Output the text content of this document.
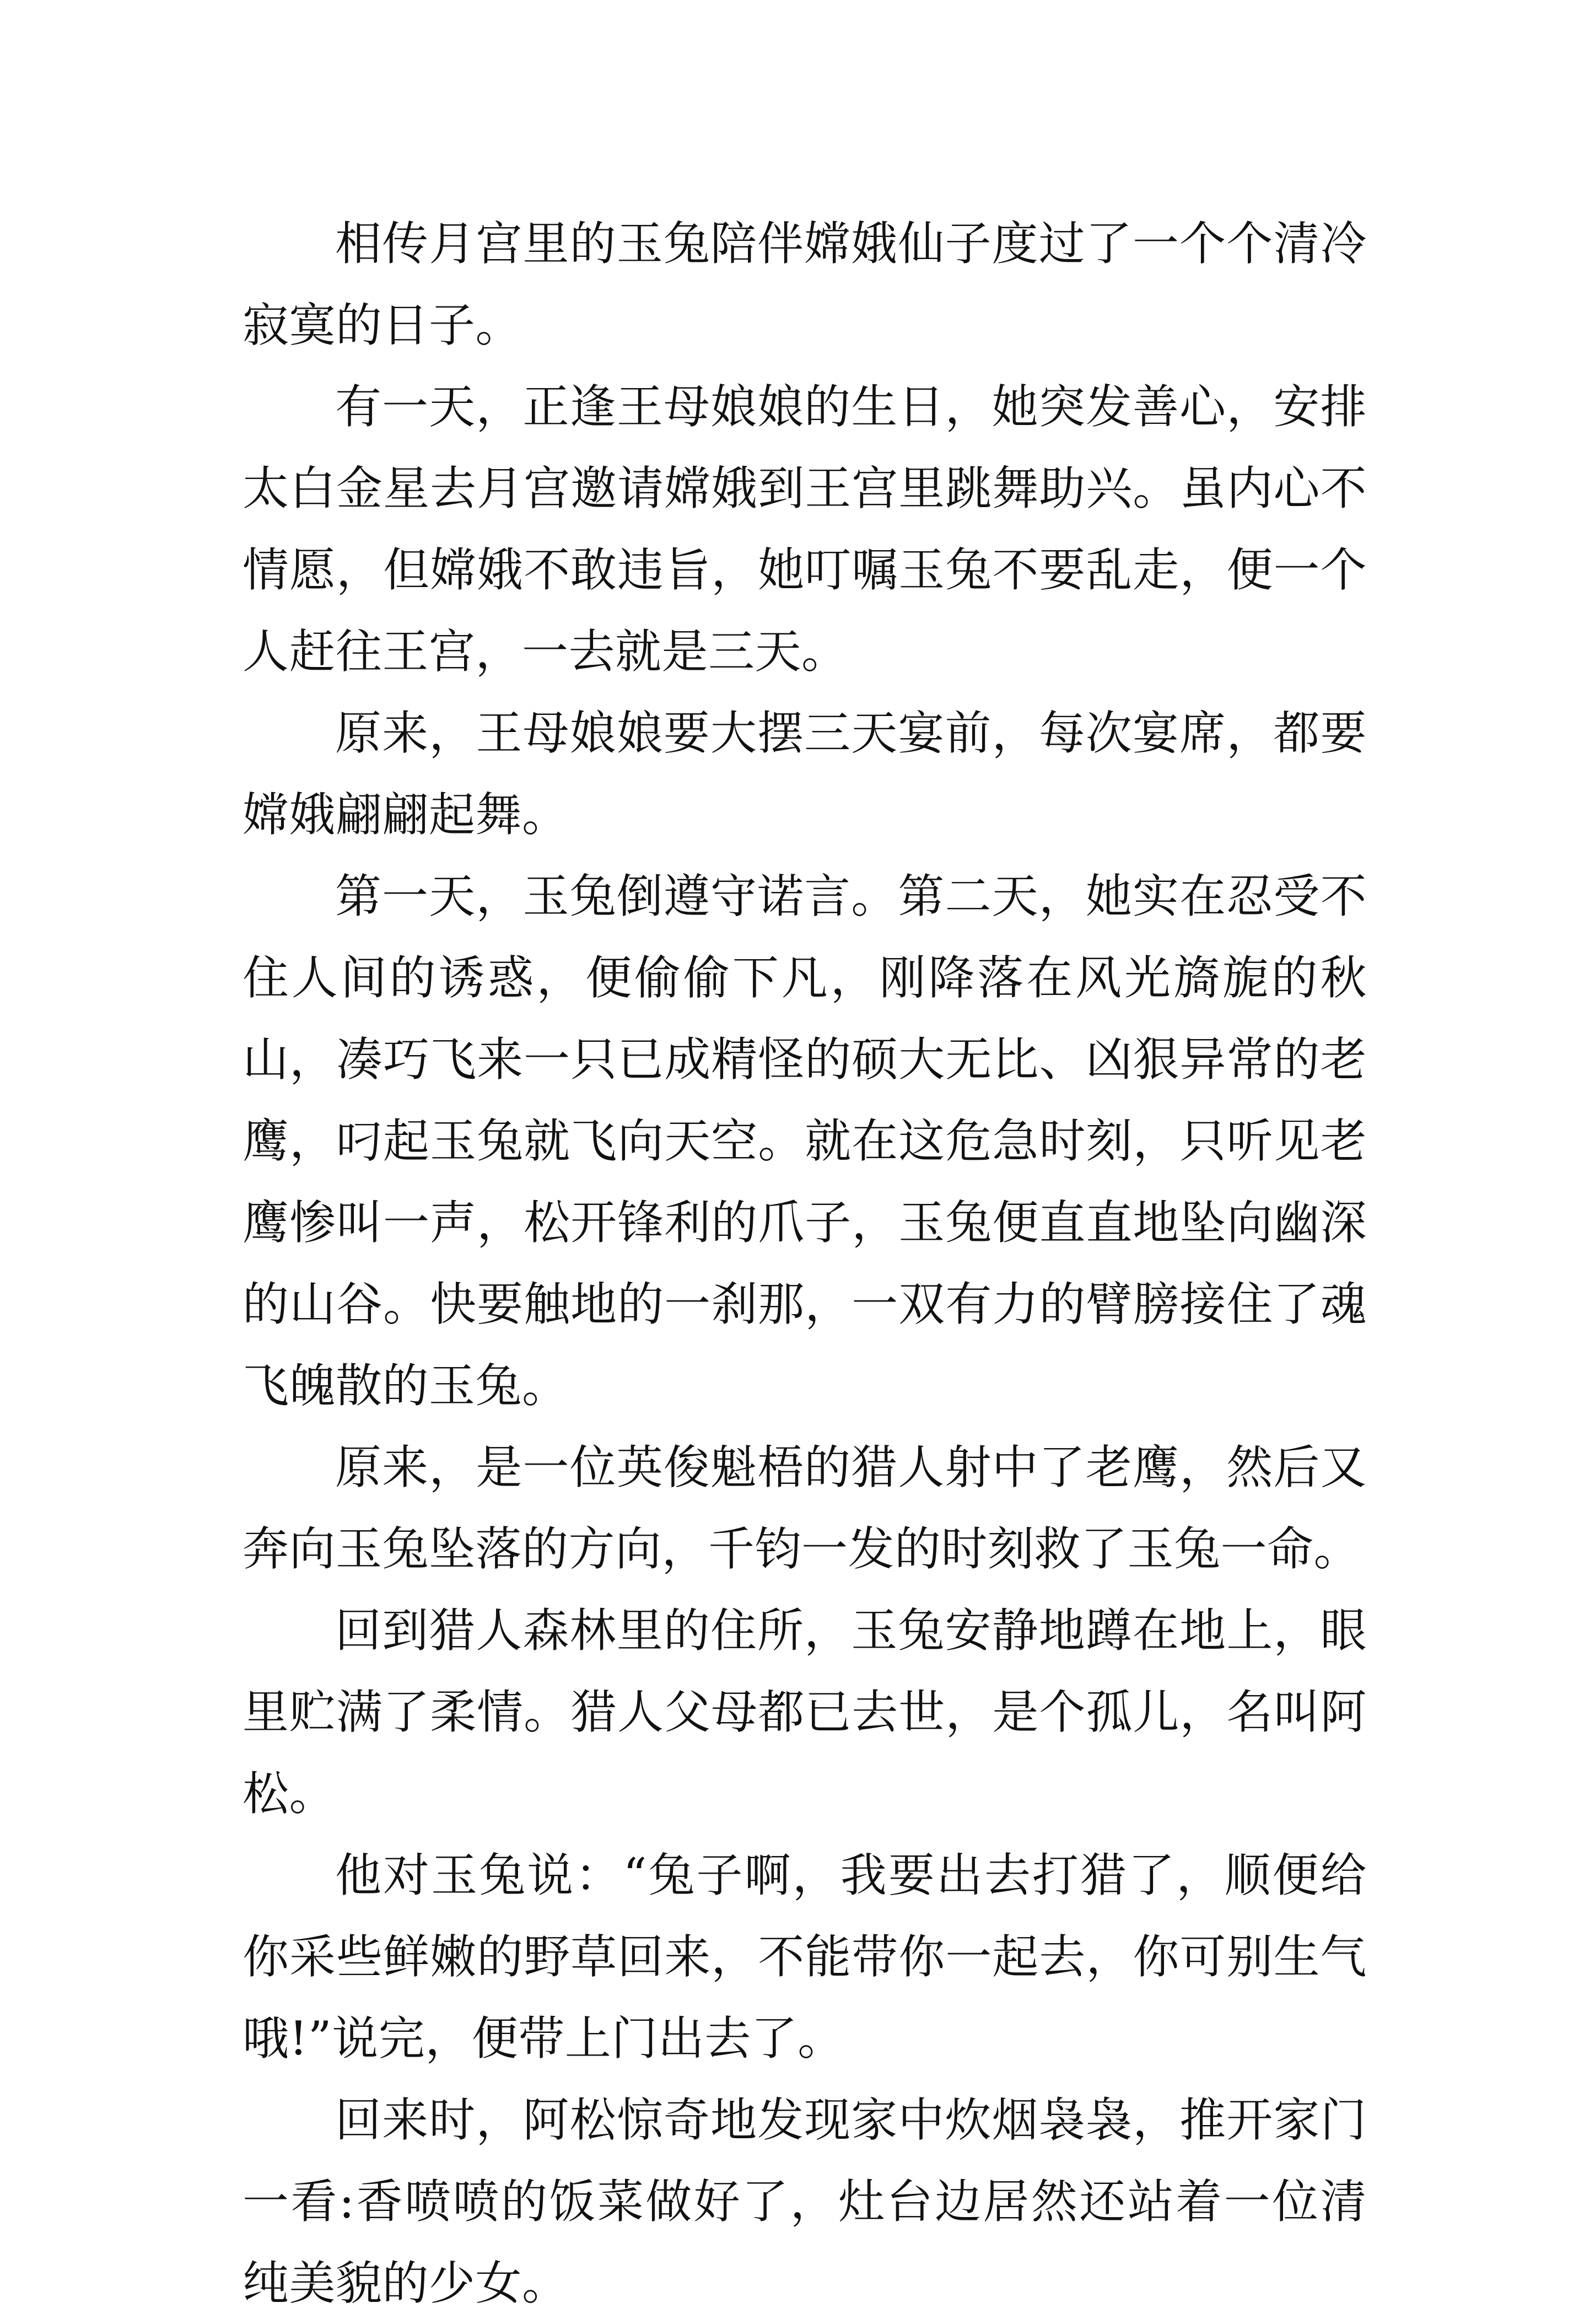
相传月宫里的玉兔陪伴嫦娥仙子度过了一个个清冷寂寞的日子。

有一天，正逢王母娘娘的生日，她突发善心，安排太白金星去月宫邀请嫦娥到王宫里跳舞助兴。虽内心不情愿，但嫦娥不敢违旨，她叮嘱玉兔不要乱走，便一个人赶往王宫，一去就是三天。

原来，王母娘娘要大摆三天宴前，每次宴席，都要嫦娥翩翩起舞。

第一天，玉兔倒遵守诺言。第二天，她实在忍受不住人间的诱惑，便偷偷下凡，刚降落在风光旖旎的秋山，凑巧飞来一只已成精怪的硕大无比、凶狠异常的老鹰，叼起玉兔就飞向天空。就在这危急时刻，只听见老鹰惨叫一声，松开锋利的爪子，玉兔便直直地坠向幽深的山谷。快要触地的一刹那，一双有力的臂膀接住了魂飞魄散的玉兔。

原来，是一位英俊魁梧的猎人射中了老鹰，然后又奔向玉兔坠落的方向，千钧一发的时刻救了玉兔一命。

回到猎人森林里的住所，玉兔安静地蹲在地上，眼里贮满了柔情。猎人父母都已去世，是个孤儿，名叫阿松。

他对玉兔说：“兔子啊，我要出去打猎了，顺便给你采些鲜嫩的野草回来，不能带你一起去，你可别生气哦!”说完，便带上门出去了。

回来时，阿松惊奇地发现家中炊烟袅袅，推开家门一看:香喷喷的饭菜做好了，灶台边居然还站着一位清纯美貌的少女。
